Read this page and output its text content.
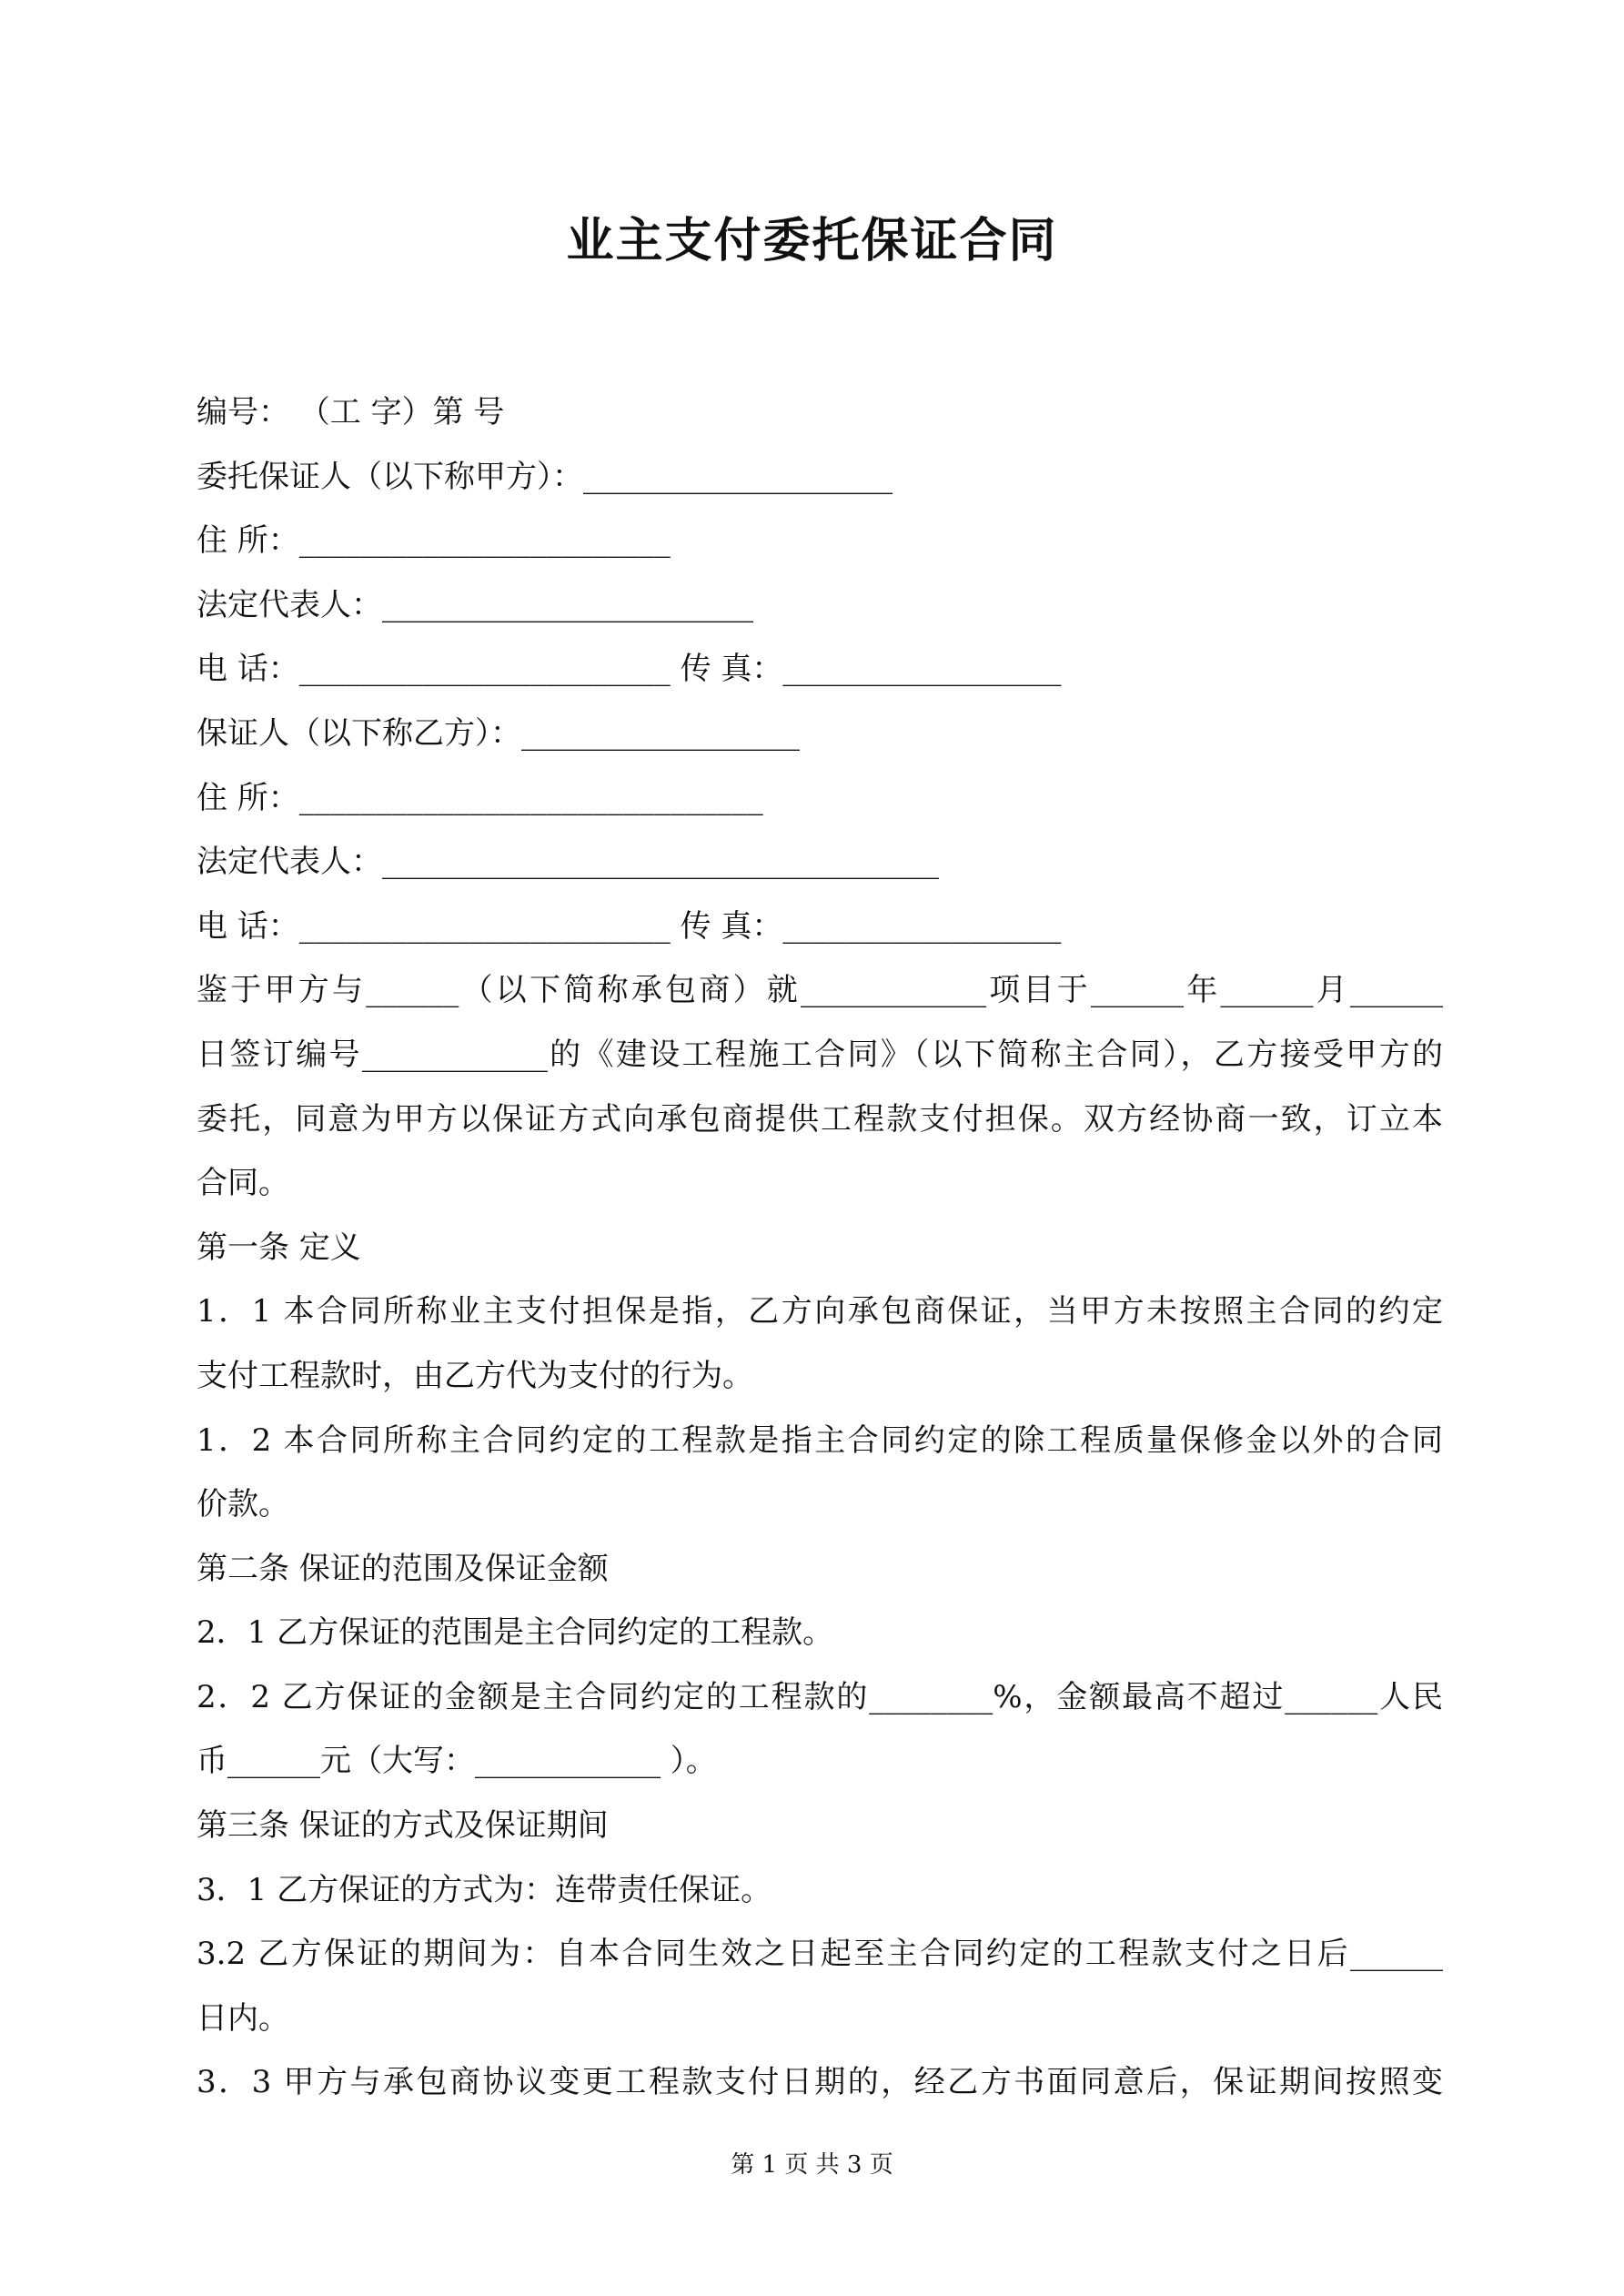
业主支付委托保证合同
编号： （工 字）第 号
委托保证人（以下称甲方）：____________________
住 所：________________________
法定代表人：________________________
电 话：________________________ 传 真：__________________
保证人（以下称乙方）：__________________
住 所：______________________________
法定代表人：____________________________________
电 话：________________________ 传 真：__________________
鉴于甲方与______（以下简称承包商）就____________项目于______年______月______
日签订编号____________的《建设工程施工合同》（以下简称主合同），乙方接受甲方的
委托，同意为甲方以保证方式向承包商提供工程款支付担保。双方经协商一致，订立本
合同。
第一条 定义
1．1 本合同所称业主支付担保是指，乙方向承包商保证，当甲方未按照主合同的约定
支付工程款时，由乙方代为支付的行为。
1．2 本合同所称主合同约定的工程款是指主合同约定的除工程质量保修金以外的合同
价款。
第二条 保证的范围及保证金额
2．1 乙方保证的范围是主合同约定的工程款。
2．2 乙方保证的金额是主合同约定的工程款的________%，金额最高不超过______人民
币______元（大写：____________ ）。
第三条 保证的方式及保证期间
3．1 乙方保证的方式为：连带责任保证。
3.2 乙方保证的期间为：自本合同生效之日起至主合同约定的工程款支付之日后______
日内。
3．3 甲方与承包商协议变更工程款支付日期的，经乙方书面同意后，保证期间按照变
第 1 页 共 3 页
